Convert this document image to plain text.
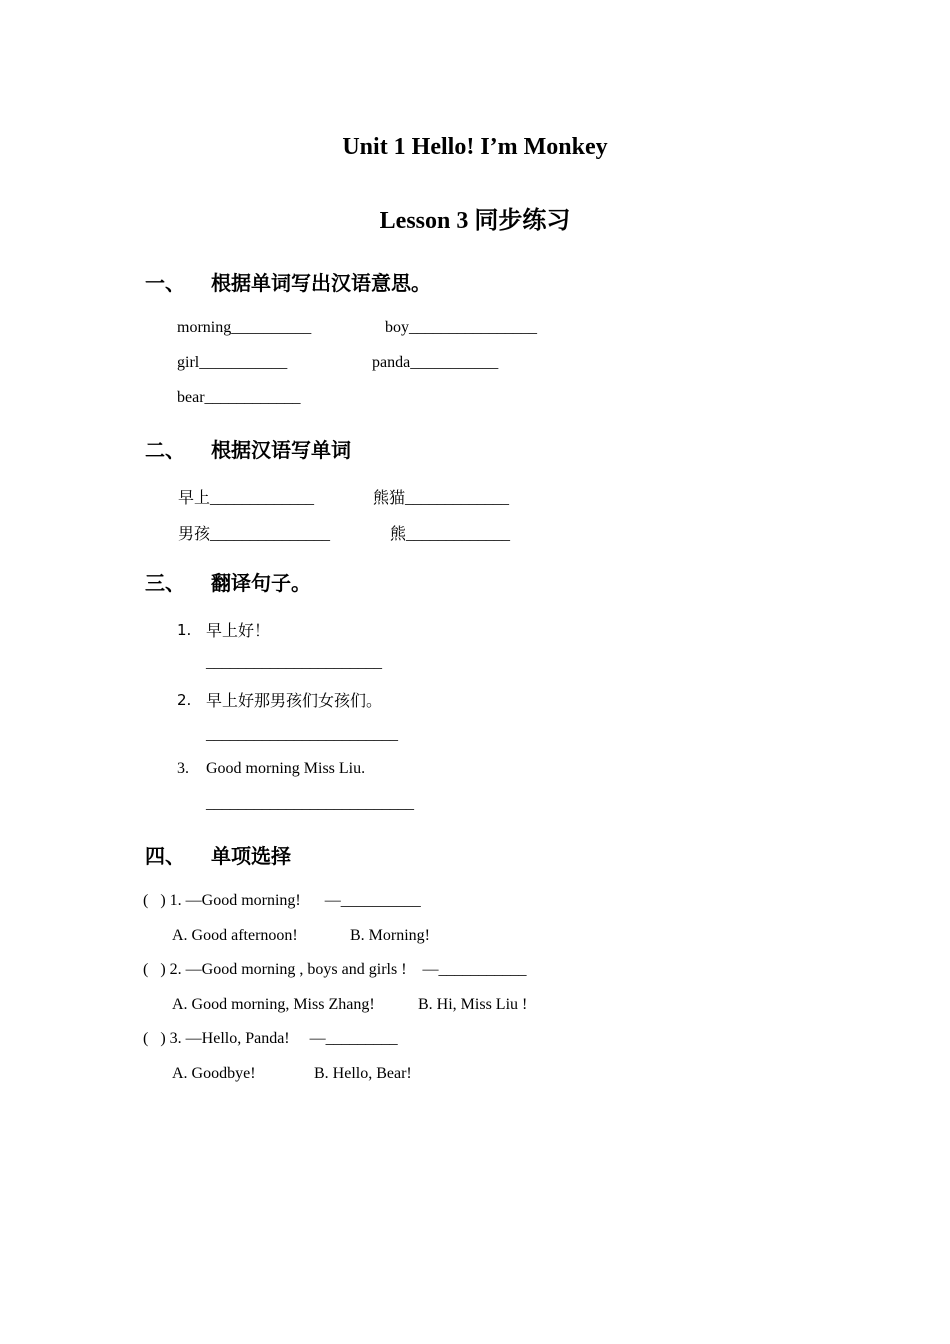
Unit 1 Hello! I’m Monkey
Lesson 3 同步练习
一、 根据单词写出汉语意思。
morning__________	boy________________
girl___________	panda___________
bear____________
二、 根据汉语写单词
早上_____________	熊猫_____________
男孩_______________	熊_____________
三、 翻译句子。
1. 早上好！
______________________
2. 早上好那男孩们女孩们。
________________________
3. Good morning Miss Liu.
__________________________
四、 单项选择
(   ) 1. —Good morning!      —__________
A. Good afternoon!	B. Morning!
(   ) 2. —Good morning , boys and girls !    —___________
A. Good morning, Miss Zhang!	B. Hi, Miss Liu !
(   ) 3. —Hello, Panda!     —_________
A. Goodbye!	B. Hello, Bear!
